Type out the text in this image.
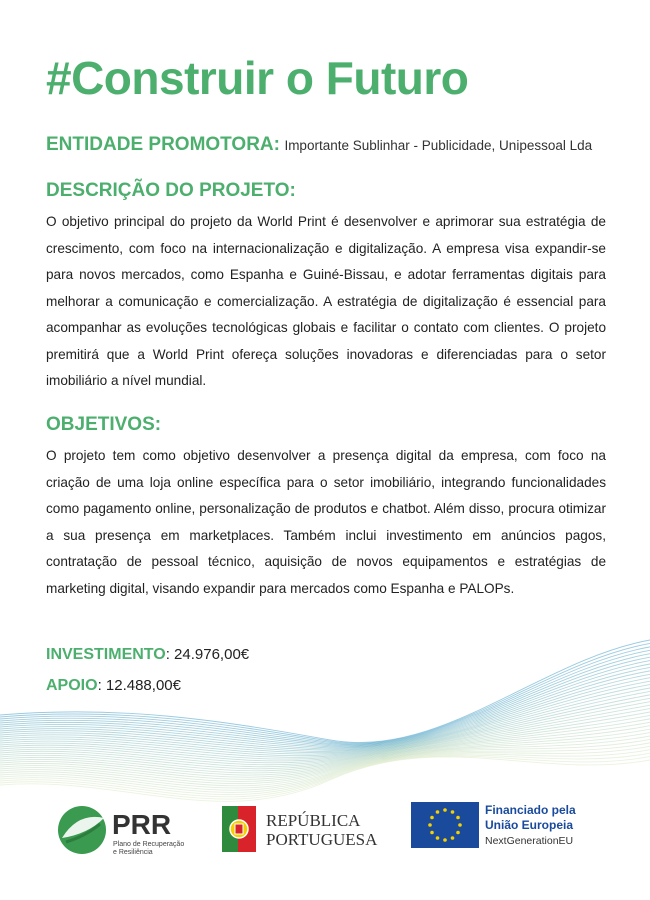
#Construir o Futuro
ENTIDADE PROMOTORA: Importante Sublinhar - Publicidade, Unipessoal Lda
DESCRIÇÃO DO PROJETO:

O objetivo principal do projeto da World Print é desenvolver e aprimorar sua estratégia de crescimento, com foco na internacionalização e digitalização. A empresa visa expandir-se para novos mercados, como Espanha e Guiné-Bissau, e adotar ferramentas digitais para melhorar a comunicação e comercialização. A estratégia de digitalização é essencial para acompanhar as evoluções tecnológicas globais e facilitar o contato com clientes. O projeto premitirá que a World Print ofereça soluções inovadoras e diferenciadas para o setor imobiliário a nível mundial.

OBJETIVOS:

O projeto tem como objetivo desenvolver a presença digital da empresa, com foco na criação de uma loja online específica para o setor imobiliário, integrando funcionalidades como pagamento online, personalização de produtos e chatbot. Além disso, procura otimizar a sua presença em marketplaces. Também inclui investimento em anúncios pagos, contratação de pessoal técnico, aquisição de novos equipamentos e estratégias de marketing digital, visando expandir para mercados como Espanha e PALOPs.

INVESTIMENTO: 24.976,00€
APOIO: 12.488,00€
PRR
Plano de Recuperação
e Resiliência
REPÚBLICA
PORTUGUESA
Financiado pela
União Europeia
NextGenerationEU
